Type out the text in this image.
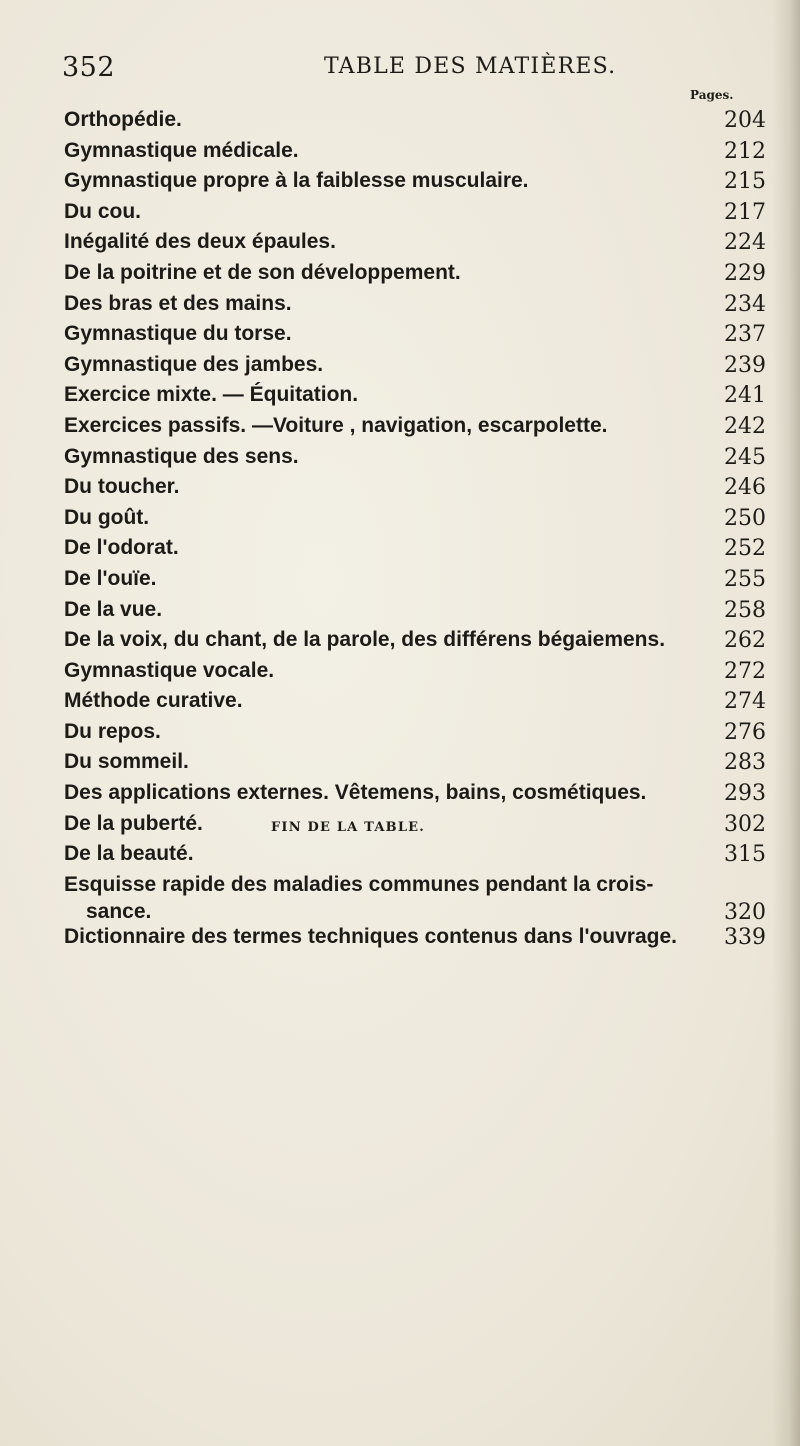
352	TABLE DES MATIÈRES.
Pages.
Orthopédie.	204
Gymnastique médicale.	212
Gymnastique propre à la faiblesse musculaire.	215
Du cou.	217
Inégalité des deux épaules.	224
De la poitrine et de son développement.	229
Des bras et des mains.	234
Gymnastique du torse.	237
Gymnastique des jambes.	239
Exercice mixte. — Équitation.	241
Exercices passifs. —Voiture , navigation, escarpolette.	242
Gymnastique des sens.	245
Du toucher.	246
Du goût.	250
De l'odorat.	252
De l'ouïe.	255
De la vue.	258
De la voix, du chant, de la parole, des différens bégaiemens.	262
Gymnastique vocale.	272
Méthode curative.	274
Du repos.	276
Du sommeil.	283
Des applications externes. Vêtemens, bains, cosmétiques.	293
De la puberté.	302
De la beauté.	315
Esquisse rapide des maladies communes pendant la crois-
sance.	320
Dictionnaire des termes techniques contenus dans l'ouvrage. 339
FIN DE LA TABLE.
